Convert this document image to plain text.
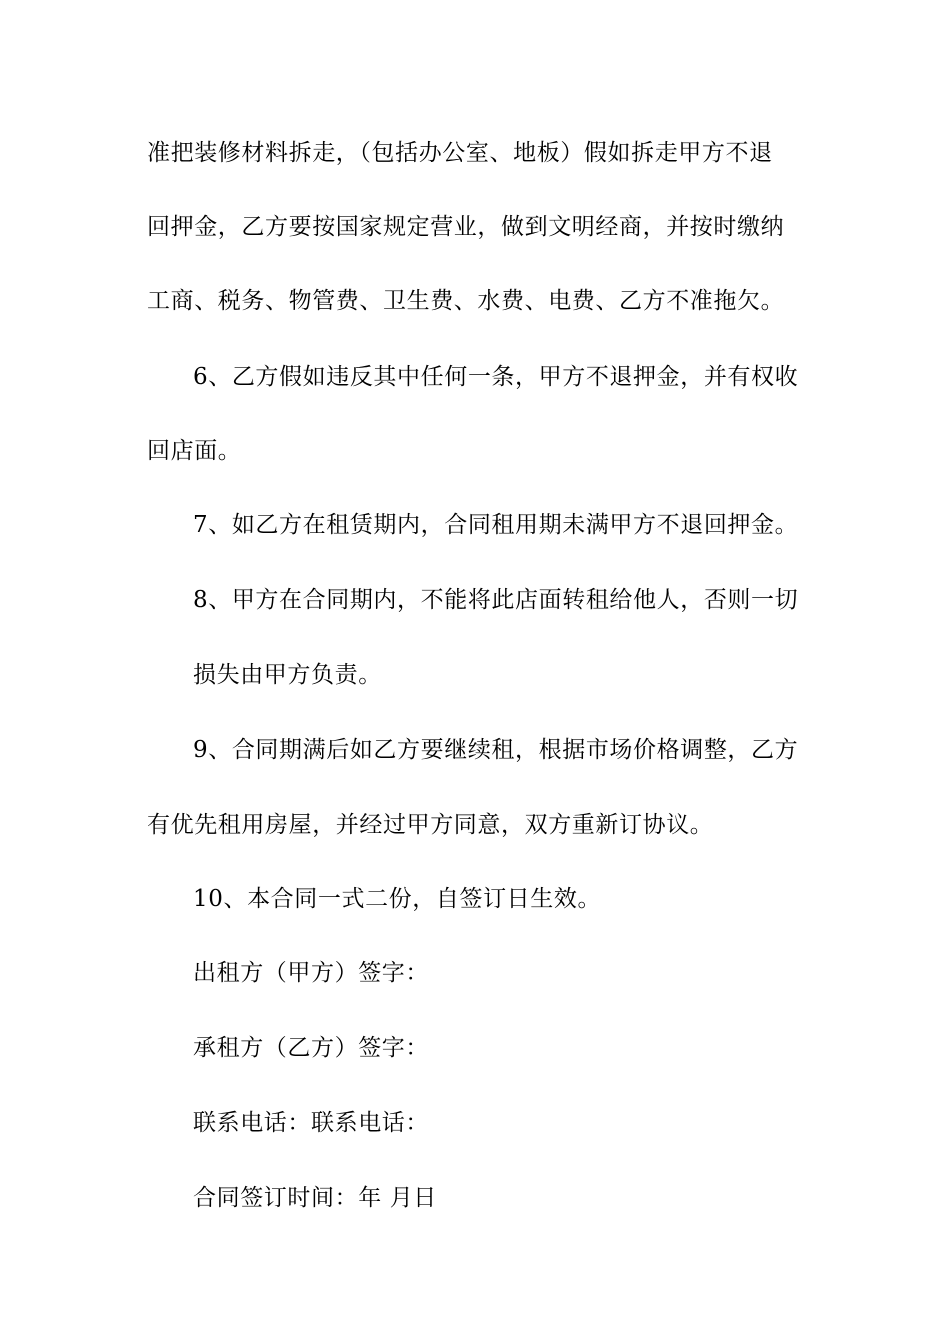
准把装修材料拆走，（包括办公室、地板）假如拆走甲方不退
回押金，乙方要按国家规定营业，做到文明经商，并按时缴纳
工商、税务、物管费、卫生费、水费、电费、乙方不准拖欠。
6、乙方假如违反其中任何一条，甲方不退押金，并有权收
回店面。
7、如乙方在租赁期内，合同租用期未满甲方不退回押金。
8、甲方在合同期内，不能将此店面转租给他人，否则一切
损失由甲方负责。
9、合同期满后如乙方要继续租，根据市场价格调整，乙方
有优先租用房屋，并经过甲方同意，双方重新订协议。
10、本合同一式二份，自签订日生效。
出租方（甲方）签字：
承租方（乙方）签字：
联系电话：联系电话：
合同签订时间：年 月日
